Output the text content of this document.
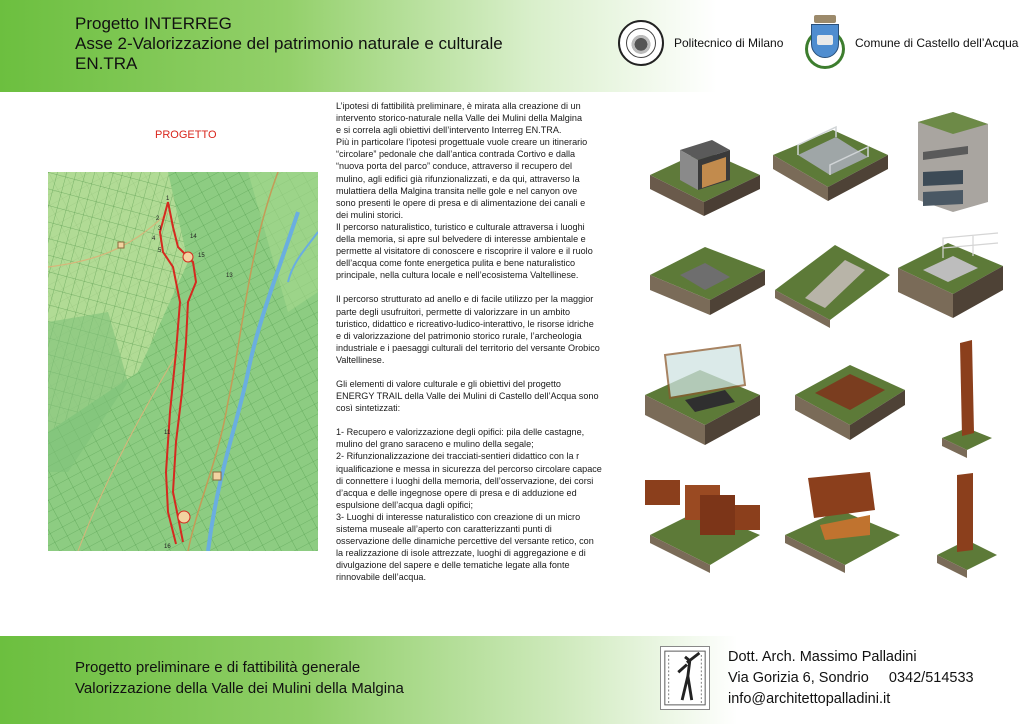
Progetto INTERREG
Asse 2-Valorizzazione del patrimonio naturale e culturale
EN.TRA
Politecnico di Milano	Comune di Castello dell’Acqua
PROGETTO
1
2
3
4
5
13
14
15
16
11

L’ipotesi di fattibilità preliminare, è mirata alla creazione di un
intervento storico-naturale nella Valle dei Mulini della Malgina
e si correla agli obiettivi dell’intervento Interreg EN.TRA.
Più in particolare l’ipotesi progettuale vuole creare un itinerario
“circolare” pedonale che dall’antica contrada Cortivo e dalla
“nuova porta del parco” conduce, attraverso il recupero del
mulino, agli edifici già rifunzionalizzati, e da qui, attraverso la
mulattiera della Malgina transita nelle gole e nel canyon ove
sono presenti le opere di presa e di alimentazione dei canali e
dei mulini storici.
Il percorso naturalistico, turistico e culturale attraversa i luoghi
della memoria, si apre sul belvedere di interesse ambientale e
permette al visitatore di conoscere e riscoprire il valore e il ruolo
dell’acqua come fonte energetica pulita e bene naturalistico
principale, nella cultura locale e nell’ecosistema Valtellinese.

Il percorso strutturato ad anello e di facile utilizzo per la maggior
parte degli usufruitori, permette di valorizzare in un ambito
turistico, didattico e ricreativo-ludico-interattivo, le risorse idriche
e di valorizzazione del patrimonio storico rurale, l’archeologia
industriale e i paesaggi culturali del territorio del versante Orobico
Valtellinese.

Gli elementi di valore culturale e gli obiettivi del progetto
ENERGY TRAIL della Valle dei Mulini di Castello dell’Acqua sono
così sintetizzati:

1- Recupero e valorizzazione degli opifici: pila delle castagne,
mulino del grano saraceno e mulino della segale;
2- Rifunzionalizzazione dei tracciati-sentieri didattico con la r
iqualificazione e messa in sicurezza del percorso circolare capace
di connettere i luoghi della memoria, dell’osservazione, dei corsi
d’acqua e delle ingegnose opere di presa e di adduzione ed
espulsione dell’acqua dagli opifici;
3- Luoghi di interesse naturalistico con creazione di un micro
sistema museale all’aperto con caratterizzanti punti di
osservazione delle dinamiche percettive del versante retico, con
la realizzazione di isole attrezzate, luoghi di aggregazione e di
divulgazione del sapere e delle tematiche legate alla fonte
rinnovabile dell’acqua.

Progetto preliminare e di fattibilità generale
Valorizzazione della Valle dei Mulini della Malgina
Dott. Arch. Massimo Palladini
Via Gorizia 6, Sondrio     0342/514533
info@architettopalladini.it
